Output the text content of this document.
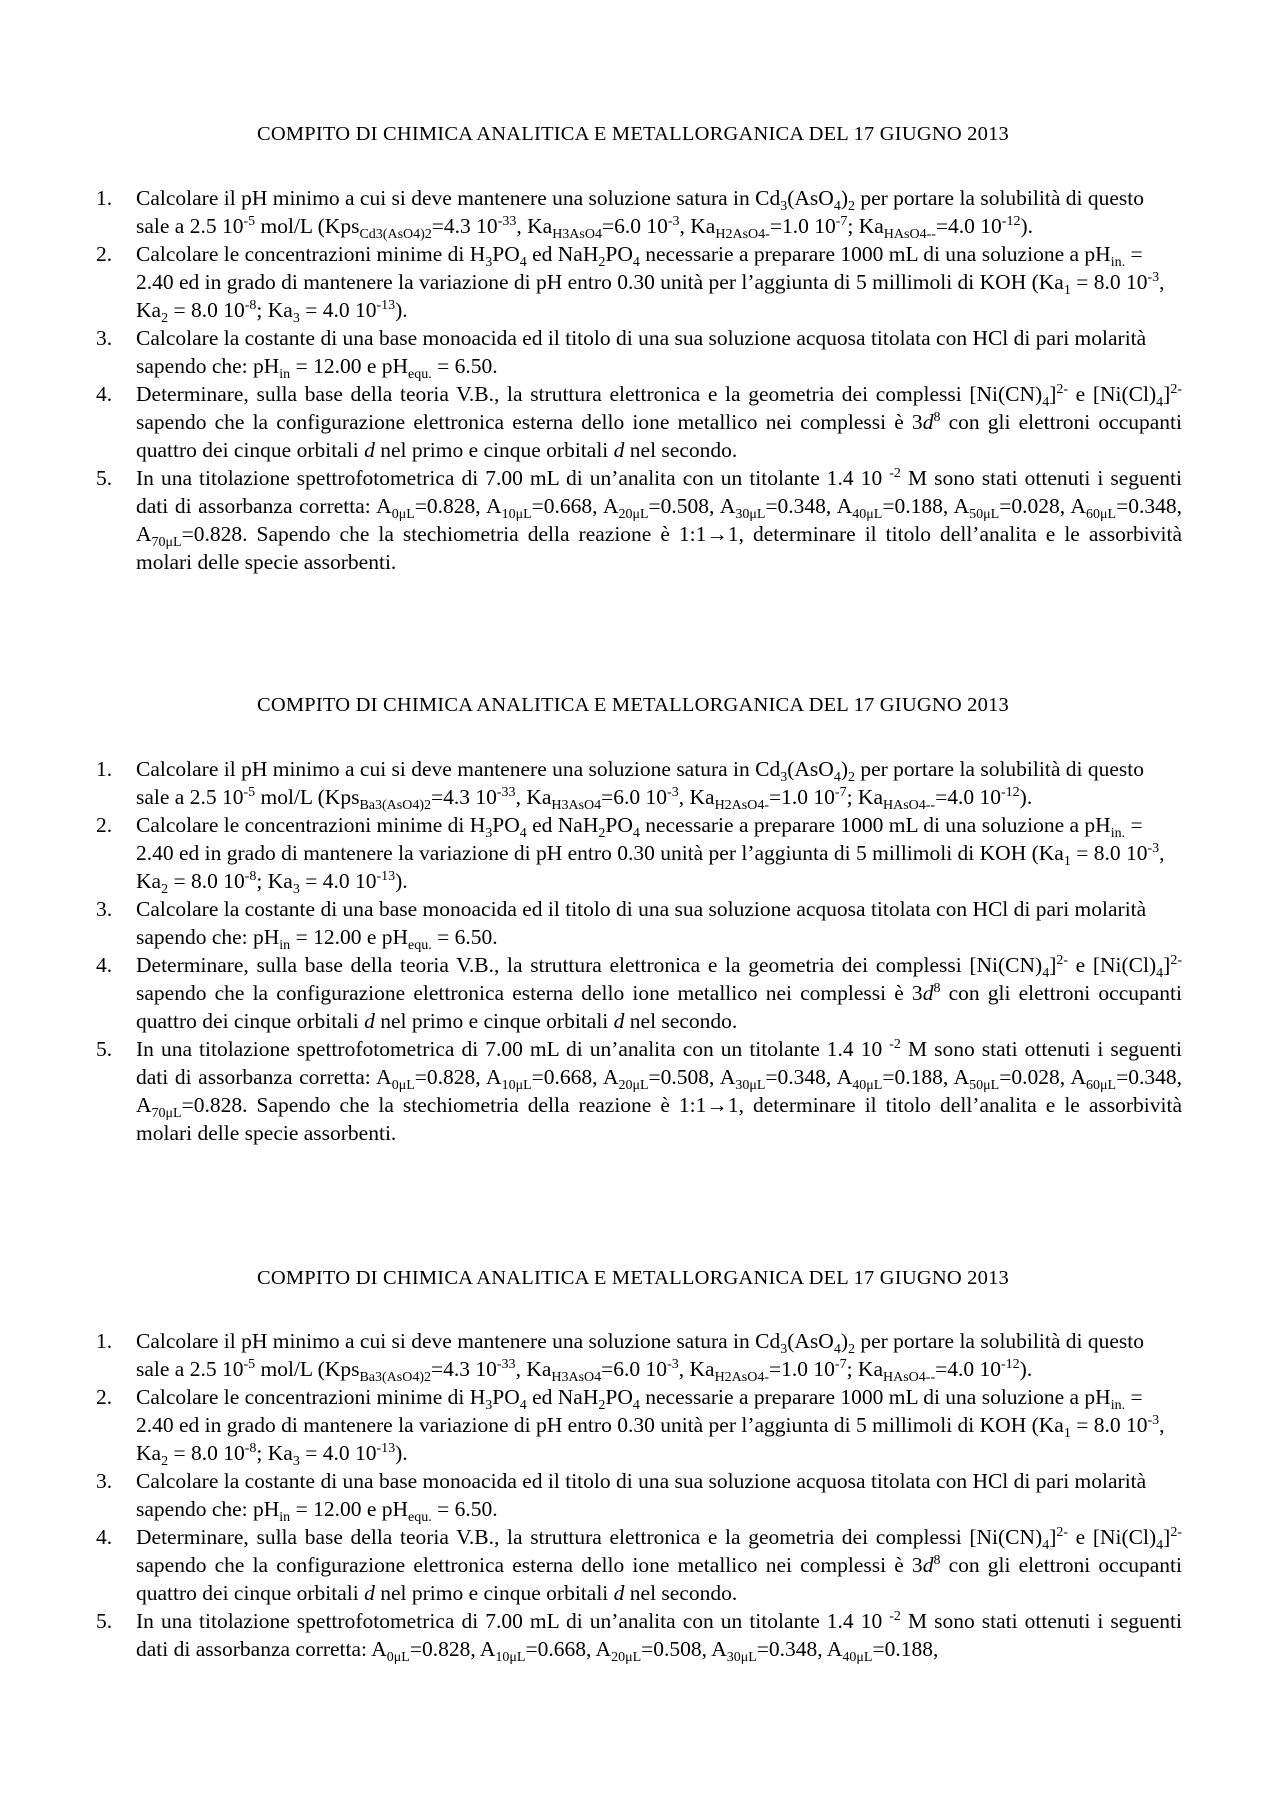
COMPITO DI CHIMICA ANALITICA E METALLORGANICA DEL 17 GIUGNO 2013
1.	Calcolare il pH minimo a cui si deve mantenere una soluzione satura in $Cd_3(AsO_4)_2$ per portare la solubilità di questo sale a 2.5 $10^{-5}$ mol/L (Kps$_{Cd3(AsO4)2}$=4.3 $10^{-33}$, $Ka_{H3AsO4}=6.0$ $10^{-3}$, $Ka_{H2AsO4-}=1.0$ $10^{-7}$; $Ka_{HAsO4--}=4.0$ $10^{-12}$).
2.	Calcolare le concentrazioni minime di $H_3PO_4$ ed $NaH_2PO_4$ necessarie a preparare 1000 mL di una soluzione a $pH_{in.} = 2.40$ ed in grado di mantenere la variazione di pH entro 0.30 unità per l’aggiunta di 5 millimoli di KOH ($Ka_1 = 8.0$ $10^{-3}$, $Ka_2 = 8.0$ $10^{-8}$; $Ka_3 = 4.0$ $10^{-13}$).
3.	Calcolare la costante di una base monoacida ed il titolo di una sua soluzione acquosa titolata con HCl di pari molarità sapendo che: $pH_{in} = 12.00$ e $pH_{equ.} = 6.50$.
4.	Determinare, sulla base della teoria V.B., la struttura elettronica e la geometria dei complessi $[Ni(CN)_4]^{2-}$ e $[Ni(Cl)_4]^{2-}$ sapendo che la configurazione elettronica esterna dello ione metallico nei complessi è $3d^8$ con gli elettroni occupanti quattro dei cinque orbitali d nel primo e cinque orbitali d nel secondo.
5.	In una titolazione spettrofotometrica di 7.00 mL di un’analita con un titolante 1.4 10 $^{-2}$ M sono stati ottenuti i seguenti dati di assorbanza corretta: $A_{0\mu L}=0.828$, $A_{10\mu L}=0.668$, $A_{20\mu L}=0.508$, $A_{30\mu L}=0.348$, $A_{40\mu L}=0.188$, $A_{50\mu L}=0.028$, $A_{60\mu L}=0.348$, $A_{70\mu L}=0.828$. Sapendo che la stechiometria della reazione è 1:1→1, determinare il titolo dell’analita e le assorbività molari delle specie assorbenti.
COMPITO DI CHIMICA ANALITICA E METALLORGANICA DEL 17 GIUGNO 2013
1.	Calcolare il pH minimo a cui si deve mantenere una soluzione satura in $Cd_3(AsO_4)_2$ per portare la solubilità di questo sale a 2.5 $10^{-5}$ mol/L (Kps$_{Ba3(AsO4)2}$=4.3 $10^{-33}$, $Ka_{H3AsO4}=6.0$ $10^{-3}$, $Ka_{H2AsO4-}=1.0$ $10^{-7}$; $Ka_{HAsO4--}=4.0$ $10^{-12}$).
2.	Calcolare le concentrazioni minime di $H_3PO_4$ ed $NaH_2PO_4$ necessarie a preparare 1000 mL di una soluzione a $pH_{in.} = 2.40$ ed in grado di mantenere la variazione di pH entro 0.30 unità per l’aggiunta di 5 millimoli di KOH ($Ka_1 = 8.0$ $10^{-3}$, $Ka_2 = 8.0$ $10^{-8}$; $Ka_3 = 4.0$ $10^{-13}$).
3.	Calcolare la costante di una base monoacida ed il titolo di una sua soluzione acquosa titolata con HCl di pari molarità sapendo che: $pH_{in} = 12.00$ e $pH_{equ.} = 6.50$.
4.	Determinare, sulla base della teoria V.B., la struttura elettronica e la geometria dei complessi $[Ni(CN)_4]^{2-}$ e $[Ni(Cl)_4]^{2-}$ sapendo che la configurazione elettronica esterna dello ione metallico nei complessi è $3d^8$ con gli elettroni occupanti quattro dei cinque orbitali d nel primo e cinque orbitali d nel secondo.
5.	In una titolazione spettrofotometrica di 7.00 mL di un’analita con un titolante 1.4 10 $^{-2}$ M sono stati ottenuti i seguenti dati di assorbanza corretta: $A_{0\mu L}=0.828$, $A_{10\mu L}=0.668$, $A_{20\mu L}=0.508$, $A_{30\mu L}=0.348$, $A_{40\mu L}=0.188$, $A_{50\mu L}=0.028$, $A_{60\mu L}=0.348$, $A_{70\mu L}=0.828$. Sapendo che la stechiometria della reazione è 1:1→1, determinare il titolo dell’analita e le assorbività molari delle specie assorbenti.
COMPITO DI CHIMICA ANALITICA E METALLORGANICA DEL 17 GIUGNO 2013
1.	Calcolare il pH minimo a cui si deve mantenere una soluzione satura in $Cd_3(AsO_4)_2$ per portare la solubilità di questo sale a 2.5 $10^{-5}$ mol/L (Kps$_{Ba3(AsO4)2}$=4.3 $10^{-33}$, $Ka_{H3AsO4}=6.0$ $10^{-3}$, $Ka_{H2AsO4-}=1.0$ $10^{-7}$; $Ka_{HAsO4--}=4.0$ $10^{-12}$).
2.	Calcolare le concentrazioni minime di $H_3PO_4$ ed $NaH_2PO_4$ necessarie a preparare 1000 mL di una soluzione a $pH_{in.} = 2.40$ ed in grado di mantenere la variazione di pH entro 0.30 unità per l’aggiunta di 5 millimoli di KOH ($Ka_1 = 8.0$ $10^{-3}$, $Ka_2 = 8.0$ $10^{-8}$; $Ka_3 = 4.0$ $10^{-13}$).
3.	Calcolare la costante di una base monoacida ed il titolo di una sua soluzione acquosa titolata con HCl di pari molarità sapendo che: $pH_{in} = 12.00$ e $pH_{equ.} = 6.50$.
4.	Determinare, sulla base della teoria V.B., la struttura elettronica e la geometria dei complessi $[Ni(CN)_4]^{2-}$ e $[Ni(Cl)_4]^{2-}$ sapendo che la configurazione elettronica esterna dello ione metallico nei complessi è $3d^8$ con gli elettroni occupanti quattro dei cinque orbitali d nel primo e cinque orbitali d nel secondo.
5.	In una titolazione spettrofotometrica di 7.00 mL di un’analita con un titolante 1.4 10 $^{-2}$ M sono stati ottenuti i seguenti dati di assorbanza corretta: $A_{0\mu L}=0.828$, $A_{10\mu L}=0.668$, $A_{20\mu L}=0.508$, $A_{30\mu L}=0.348$, $A_{40\mu L}=0.188$,
